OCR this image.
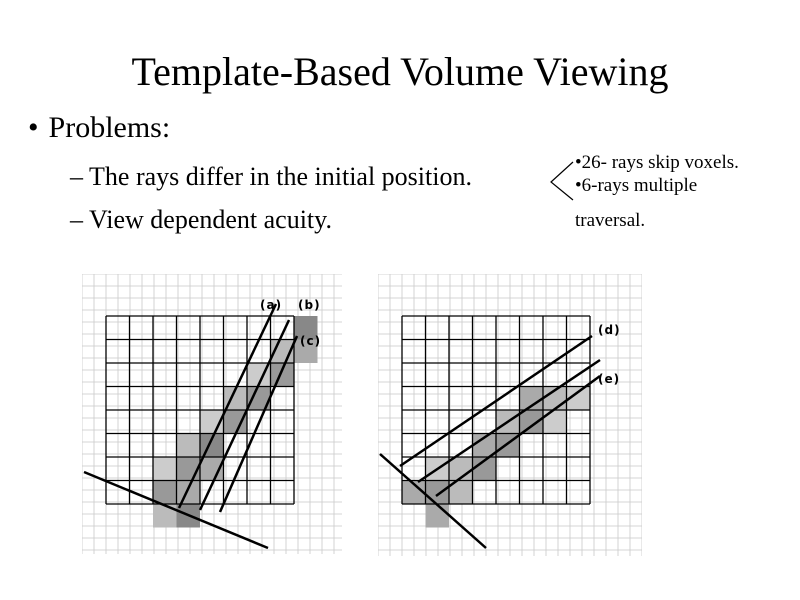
Template-Based Volume Viewing
• Problems:
– The rays differ in the initial position.
– View dependent acuity.
•26- rays skip voxels.
•6-rays multiple
traversal.
(a) (b)
(c)
(d)
(e)
